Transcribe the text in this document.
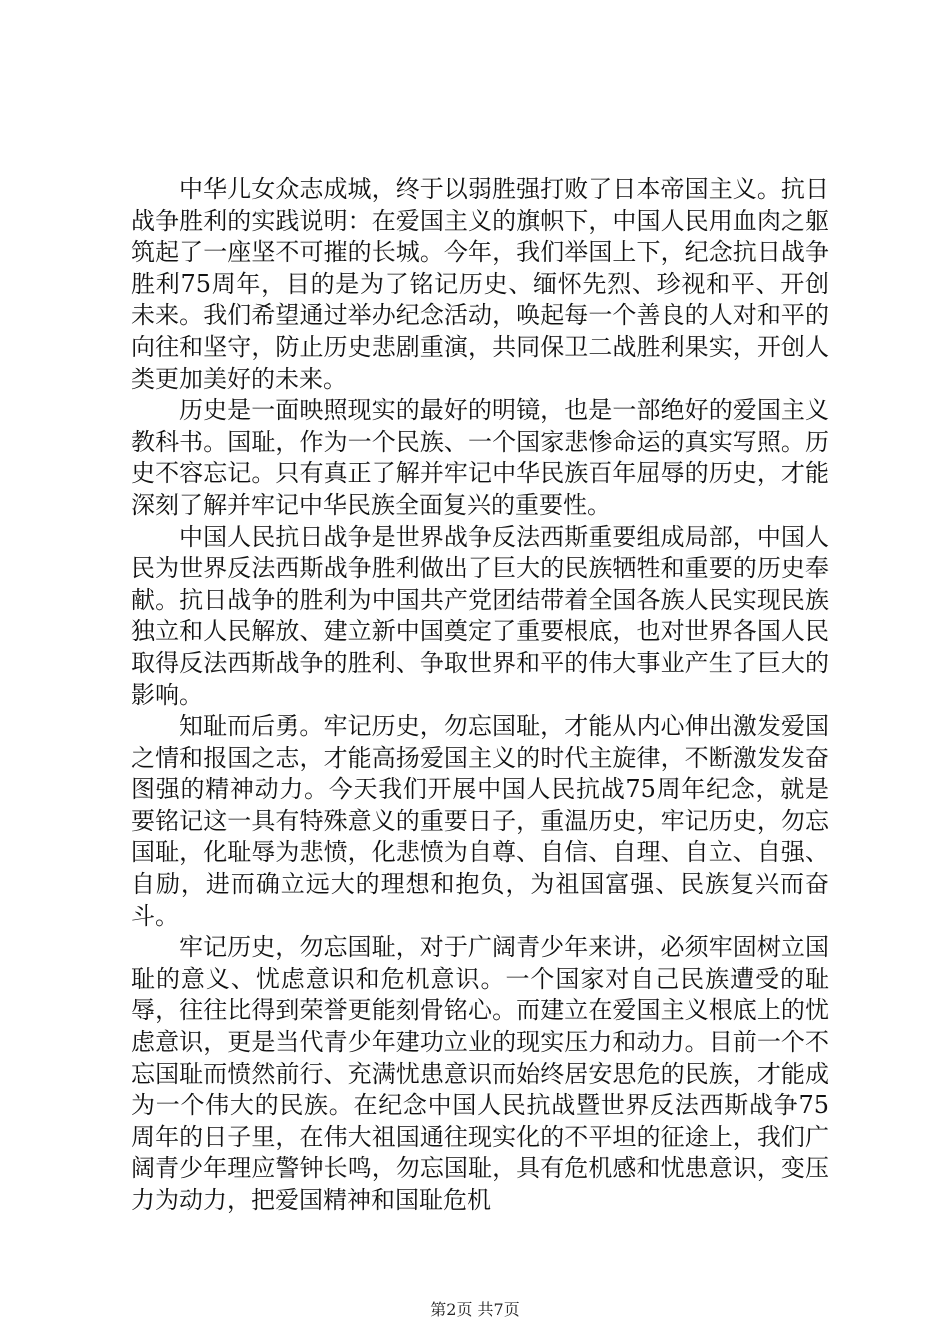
中华儿女众志成城，终于以弱胜强打败了日本帝国主义。抗日战争胜利的实践说明：在爱国主义的旗帜下，中国人民用血肉之躯筑起了一座坚不可摧的长城。今年，我们举国上下，纪念抗日战争胜利75周年，目的是为了铭记历史、缅怀先烈、珍视和平、开创未来。我们希望通过举办纪念活动，唤起每一个善良的人对和平的向往和坚守，防止历史悲剧重演，共同保卫二战胜利果实，开创人类更加美好的未来。

历史是一面映照现实的最好的明镜，也是一部绝好的爱国主义教科书。国耻，作为一个民族、一个国家悲惨命运的真实写照。历史不容忘记。只有真正了解并牢记中华民族百年屈辱的历史，才能深刻了解并牢记中华民族全面复兴的重要性。

中国人民抗日战争是世界战争反法西斯重要组成局部，中国人民为世界反法西斯战争胜利做出了巨大的民族牺牲和重要的历史奉献。抗日战争的胜利为中国共产党团结带着全国各族人民实现民族独立和人民解放、建立新中国奠定了重要根底，也对世界各国人民取得反法西斯战争的胜利、争取世界和平的伟大事业产生了巨大的影响。

知耻而后勇。牢记历史，勿忘国耻，才能从内心伸出激发爱国之情和报国之志，才能高扬爱国主义的时代主旋律，不断激发发奋图强的精神动力。今天我们开展中国人民抗战75周年纪念，就是要铭记这一具有特殊意义的重要日子，重温历史，牢记历史，勿忘国耻，化耻辱为悲愤，化悲愤为自尊、自信、自理、自立、自强、自励，进而确立远大的理想和抱负，为祖国富强、民族复兴而奋斗。

牢记历史，勿忘国耻，对于广阔青少年来讲，必须牢固树立国耻的意义、忧虑意识和危机意识。一个国家对自己民族遭受的耻辱，往往比得到荣誉更能刻骨铭心。而建立在爱国主义根底上的忧虑意识，更是当代青少年建功立业的现实压力和动力。目前一个不忘国耻而愤然前行、充满忧患意识而始终居安思危的民族，才能成为一个伟大的民族。在纪念中国人民抗战暨世界反法西斯战争75周年的日子里，在伟大祖国通往现实化的不平坦的征途上，我们广阔青少年理应警钟长鸣，勿忘国耻，具有危机感和忧患意识，变压力为动力，把爱国精神和国耻危机

第2页 共7页
